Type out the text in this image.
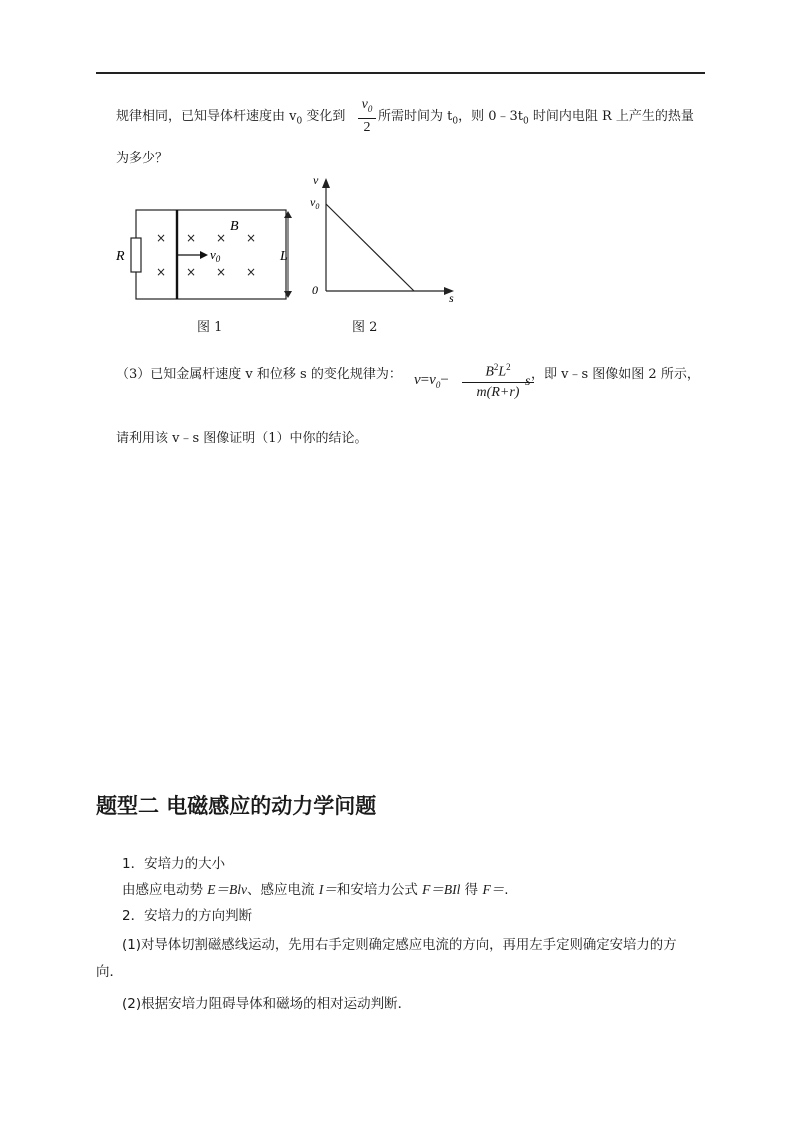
规律相同，已知导体杆速度由 $v_0$ 变化到 $\frac{v_0}{2}$ 所需时间为 $t_0$，则 $0﹣3t_0$ 时间内电阻 R 上产生的热量
为多少？
R
B
×
×
× × ×
× × ×
$v_0$	L
图 1
v
$v_0$
0
s
图 2
（3）已知金属杆速度 v 和位移 s 的变化规律为： $v=v_0- \frac{B^2L^2}{m(R+r)}$
s ，即 v﹣s 图像如图 2 所示，
请利用该 v﹣s 图像证明（1）中你的结论。
题型二 电磁感应的动力学问题
1．安培力的大小
由感应电动势 E＝Blv、感应电流 I＝和安培力公式 F＝BIl 得 F＝.
2．安培力的方向判断
(1)对导体切割磁感线运动，先用右手定则确定感应电流的方向，再用左手定则确定安培力的方
向．
(2)根据安培力阻碍导体和磁场的相对运动判断．
